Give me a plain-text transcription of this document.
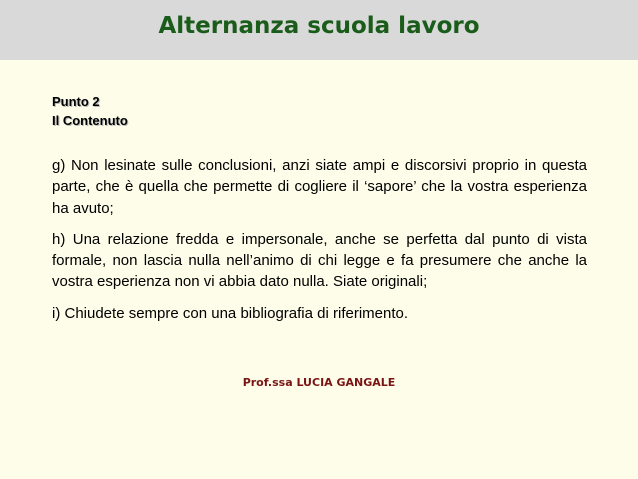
Alternanza scuola lavoro
Punto 2
Il Contenuto

g) Non lesinate sulle conclusioni, anzi siate ampi e discorsivi proprio in questa parte, che è quella che permette di cogliere il ‘sapore’ che la vostra esperienza ha avuto;

h) Una relazione fredda e impersonale, anche se perfetta dal punto di vista formale, non lascia nulla nell’animo di chi legge e fa presumere che anche la vostra esperienza non vi abbia dato nulla. Siate originali;

i) Chiudete sempre con una bibliografia di riferimento.

Prof.ssa LUCIA GANGALE
